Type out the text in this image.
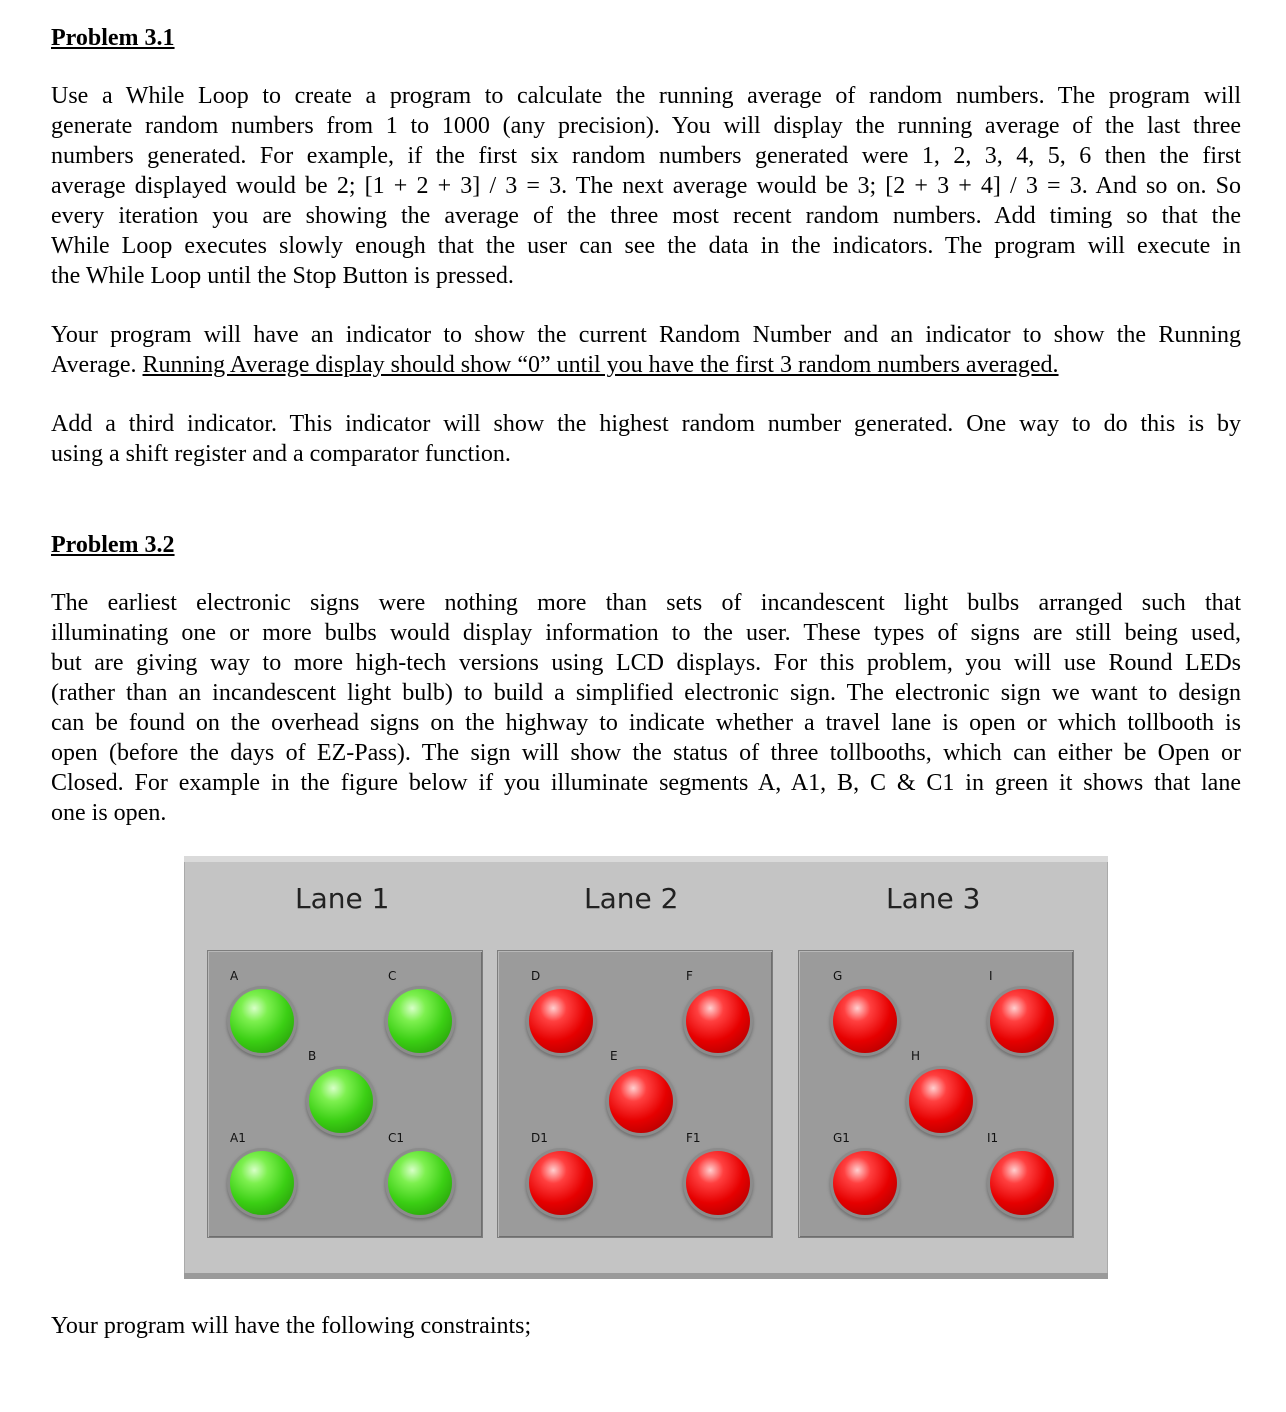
Problem 3.1
Use a While Loop to create a program to calculate the running average of random numbers. The program will
generate random numbers from 1 to 1000 (any precision). You will display the running average of the last three
numbers generated. For example, if the first six random numbers generated were 1, 2, 3, 4, 5, 6 then the first
average displayed would be 2; [1 + 2 + 3] / 3 = 3. The next average would be 3; [2 + 3 + 4] / 3 = 3. And so on. So
every iteration you are showing the average of the three most recent random numbers. Add timing so that the
While Loop executes slowly enough that the user can see the data in the indicators. The program will execute in
the While Loop until the Stop Button is pressed.
Your program will have an indicator to show the current Random Number and an indicator to show the Running
Average. Running Average display should show “0” until you have the first 3 random numbers averaged.
Add a third indicator. This indicator will show the highest random number generated. One way to do this is by
using a shift register and a comparator function.
Problem 3.2
The earliest electronic signs were nothing more than sets of incandescent light bulbs arranged such that
illuminating one or more bulbs would display information to the user. These types of signs are still being used,
but are giving way to more high-tech versions using LCD displays. For this problem, you will use Round LEDs
(rather than an incandescent light bulb) to build a simplified electronic sign. The electronic sign we want to design
can be found on the overhead signs on the highway to indicate whether a travel lane is open or which tollbooth is
open (before the days of EZ-Pass). The sign will show the status of three tollbooths, which can either be Open or
Closed. For example in the figure below if you illuminate segments A, A1, B, C & C1 in green it shows that lane
one is open.
Lane 1	Lane 2	Lane 3
A	C
B
A1	C1
D	F
E
D1	F1
G	I
H
G1	I1
Your program will have the following constraints;
